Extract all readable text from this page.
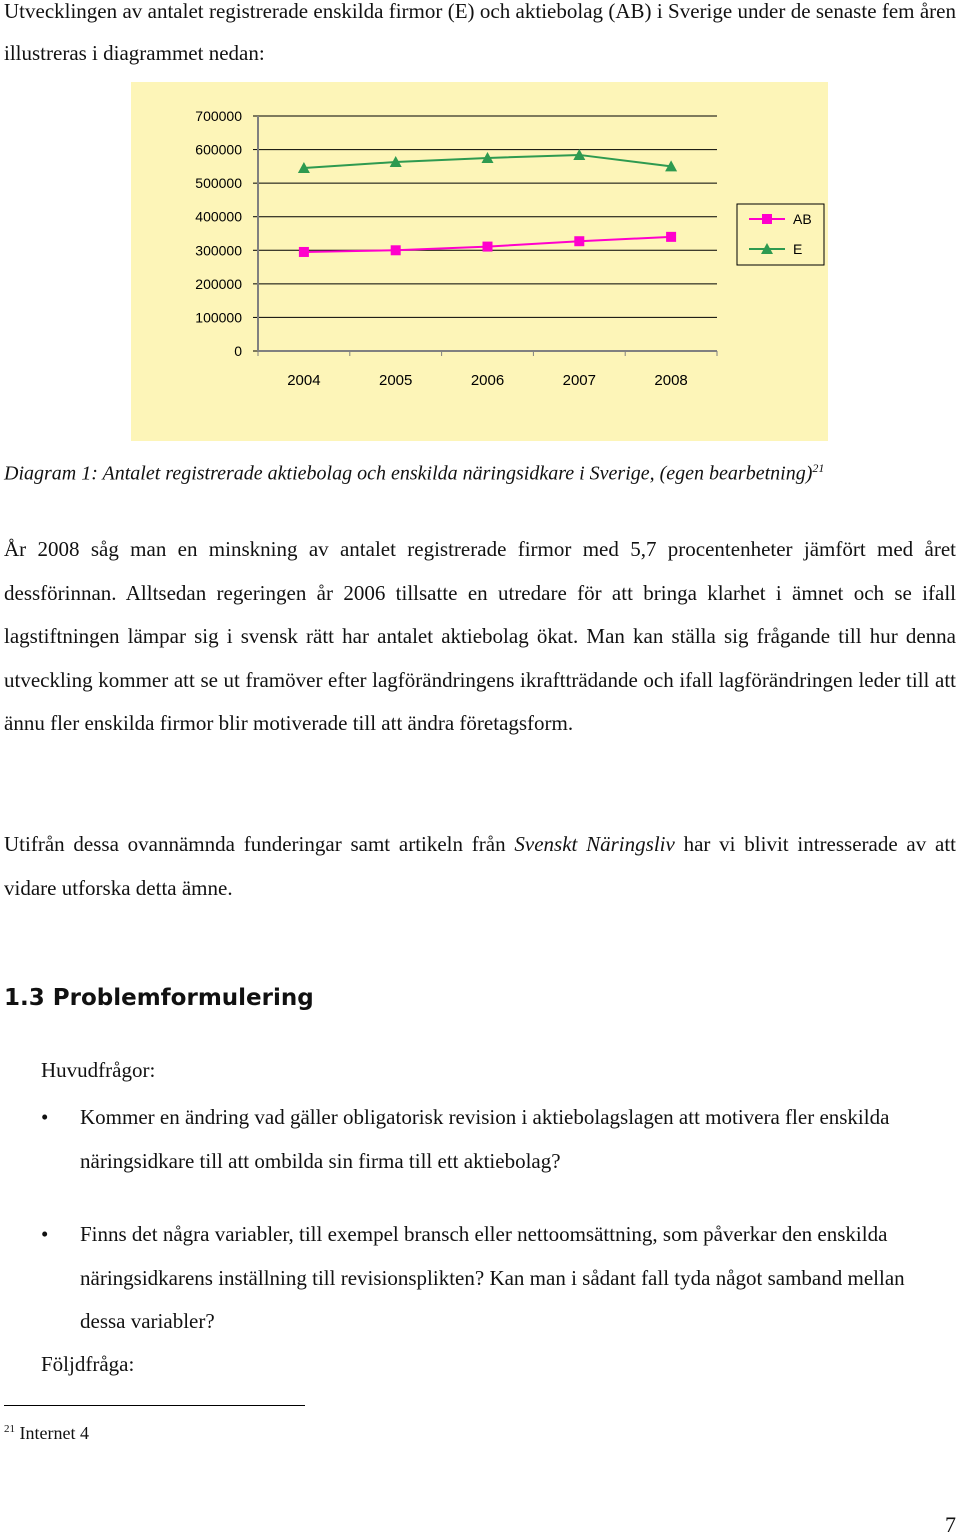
Utvecklingen av antalet registrerade enskilda firmor (E) och aktiebolag (AB) i Sverige under de senaste fem åren illustreras i diagrammet nedan:

0
100000
200000
300000
400000
500000
600000
700000
2004	2005	2006	2007	2008
AB
E

Diagram 1: Antalet registrerade aktiebolag och enskilda näringsidkare i Sverige, (egen bearbetning)$^{21}$

År 2008 såg man en minskning av antalet registrerade firmor med 5,7 procentenheter jämfört med året dessförinnan. Alltsedan regeringen år 2006 tillsatte en utredare för att bringa klarhet i ämnet och se ifall lagstiftningen lämpar sig i svensk rätt har antalet aktiebolag ökat. Man kan ställa sig frågande till hur denna utveckling kommer att se ut framöver efter lagförändringens ikraftträdande och ifall lagförändringen leder till att ännu fler enskilda firmor blir motiverade till att ändra företagsform.

Utifrån dessa ovannämnda funderingar samt artikeln från Svenskt Näringsliv har vi blivit intresserade av att vidare utforska detta ämne.

1.3 Problemformulering

Huvudfrågor:

• Kommer en ändring vad gäller obligatorisk revision i aktiebolagslagen att motivera fler enskilda näringsidkare till att ombilda sin firma till ett aktiebolag?

• Finns det några variabler, till exempel bransch eller nettoomsättning, som påverkar den enskilda näringsidkarens inställning till revisionsplikten? Kan man i sådant fall tyda något samband mellan dessa variabler?

Följdfråga:

$^{21}$ Internet 4

7
